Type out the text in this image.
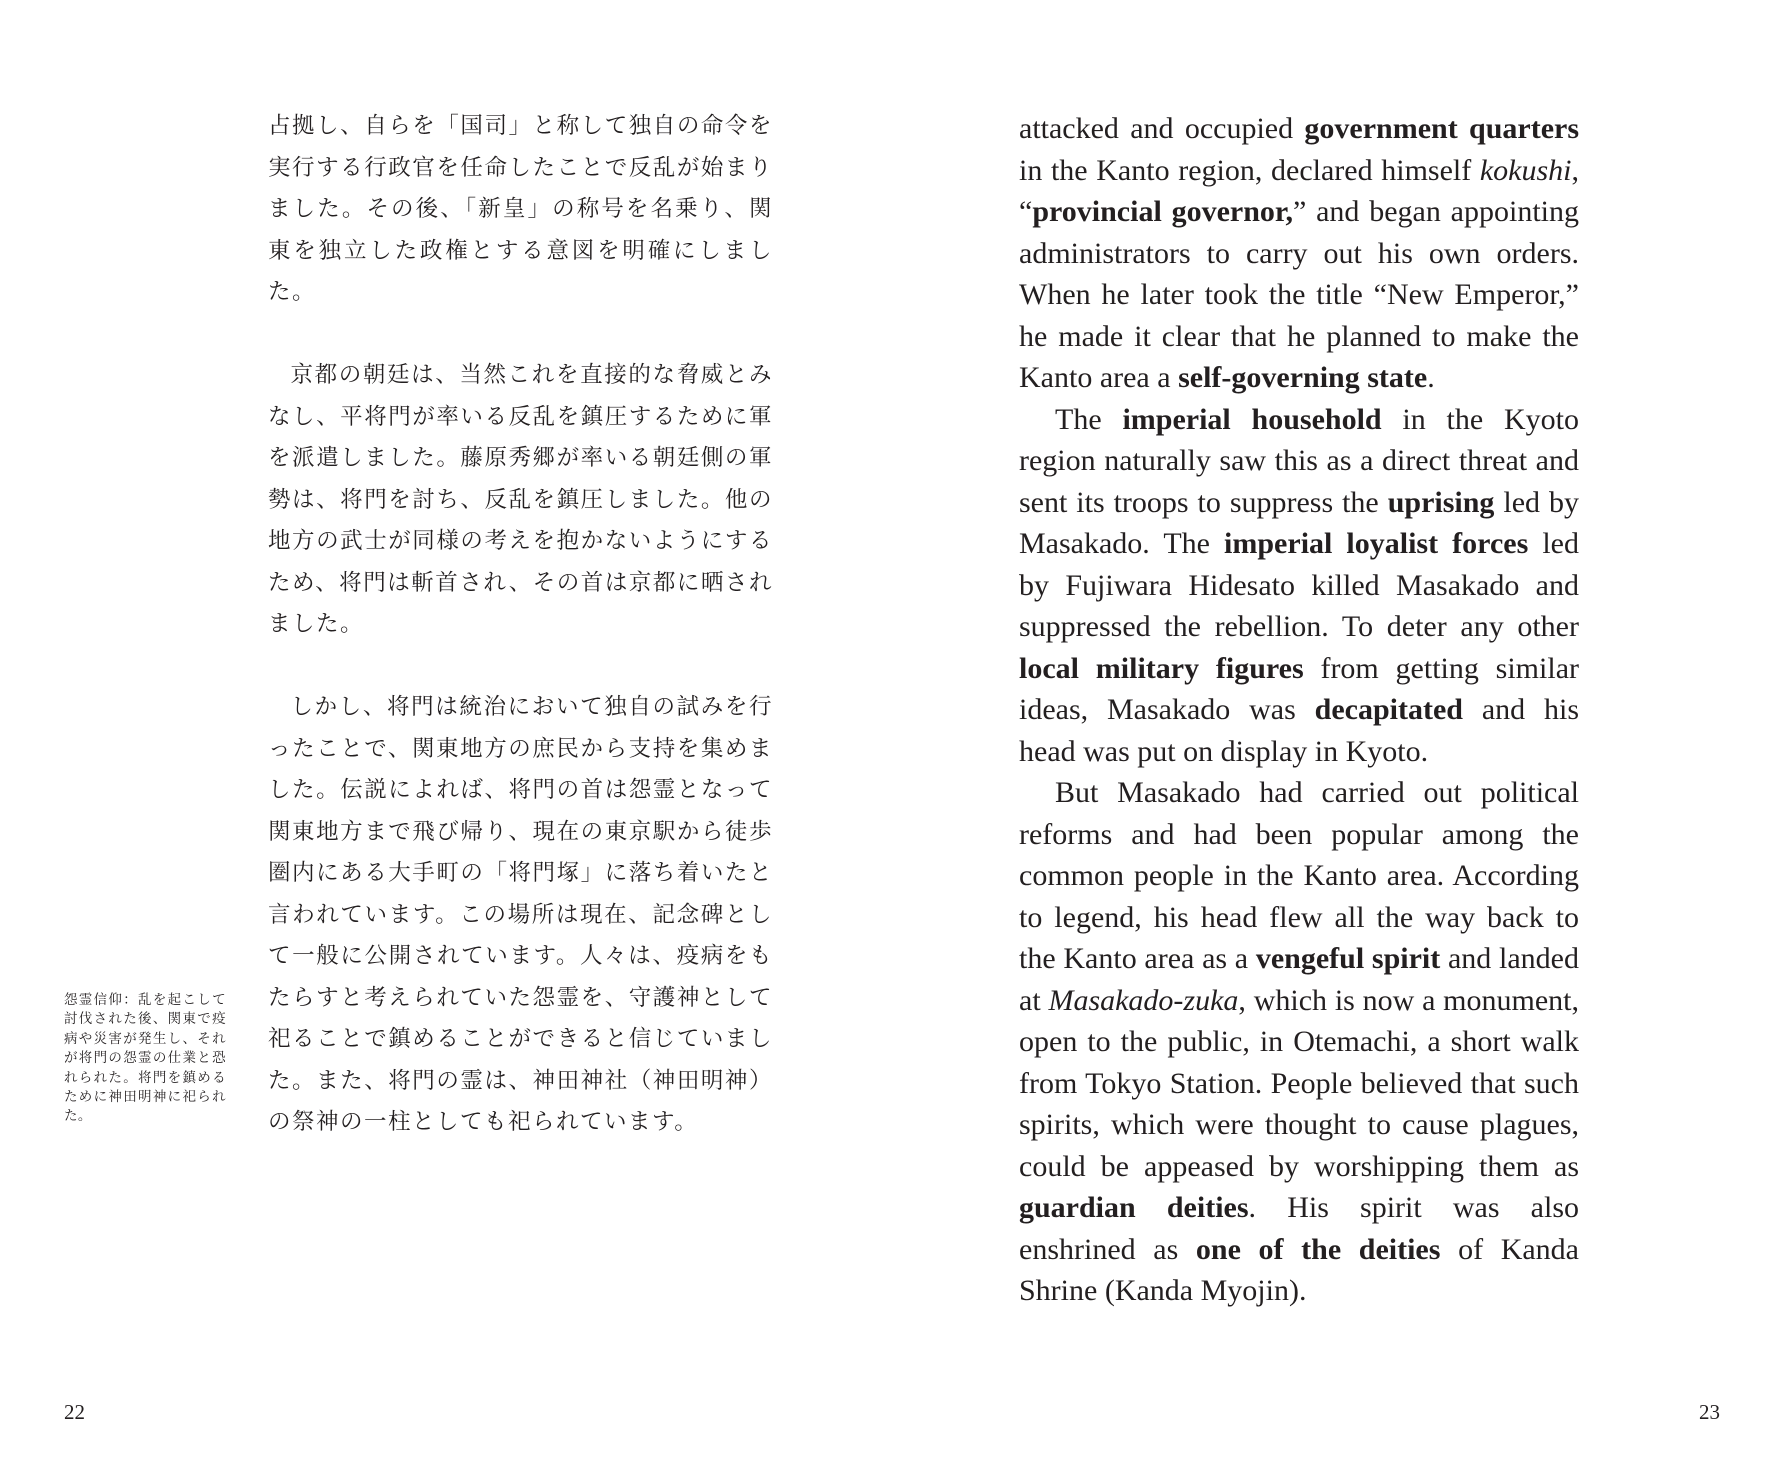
占拠し、自らを「国司」と称して独自の命令を実行する行政官を任命したことで反乱が始まりました。その後、「新皇」の称号を名乗り、関東を独立した政権とする意図を明確にしました。

京都の朝廷は、当然これを直接的な脅威とみなし、平将門が率いる反乱を鎮圧するために軍を派遣しました。藤原秀郷が率いる朝廷側の軍勢は、将門を討ち、反乱を鎮圧しました。他の地方の武士が同様の考えを抱かないようにするため、将門は斬首され、その首は京都に晒されました。

しかし、将門は統治において独自の試みを行ったことで、関東地方の庶民から支持を集めました。伝説によれば、将門の首は怨霊となって関東地方まで飛び帰り、現在の東京駅から徒歩圏内にある大手町の「将門塚」に落ち着いたと言われています。この場所は現在、記念碑として一般に公開されています。人々は、疫病をもたらすと考えられていた怨霊を、守護神として祀ることで鎮めることができると信じていました。また、将門の霊は、神田神社（神田明神）の祭神の一柱としても祀られています。

怨霊信仰：乱を起こして討伐された後、関東で疫病や災害が発生し、それが将門の怨霊の仕業と恐れられた。将門を鎮めるために神田明神に祀られた。
22

attacked and occupied government quarters in the Kanto region, declared himself kokushi, “provincial governor,” and began appointing administrators to carry out his own orders. When he later took the title “New Emperor,” he made it clear that he planned to make the Kanto area a self-governing state.

The imperial household in the Kyoto region naturally saw this as a direct threat and sent its troops to suppress the uprising led by Masakado. The imperial loyalist forces led by Fujiwara Hidesato killed Masakado and suppressed the rebellion. To deter any other local military figures from getting similar ideas, Masakado was decapitated and his head was put on display in Kyoto.

But Masakado had carried out political reforms and had been popular among the common people in the Kanto area. According to legend, his head flew all the way back to the Kanto area as a vengeful spirit and landed at Masakado-zuka, which is now a monument, open to the public, in Otemachi, a short walk from Tokyo Station. People believed that such spirits, which were thought to cause plagues, could be appeased by worshipping them as guardian deities. His spirit was also enshrined as one of the deities of Kanda Shrine (Kanda Myojin).

23
